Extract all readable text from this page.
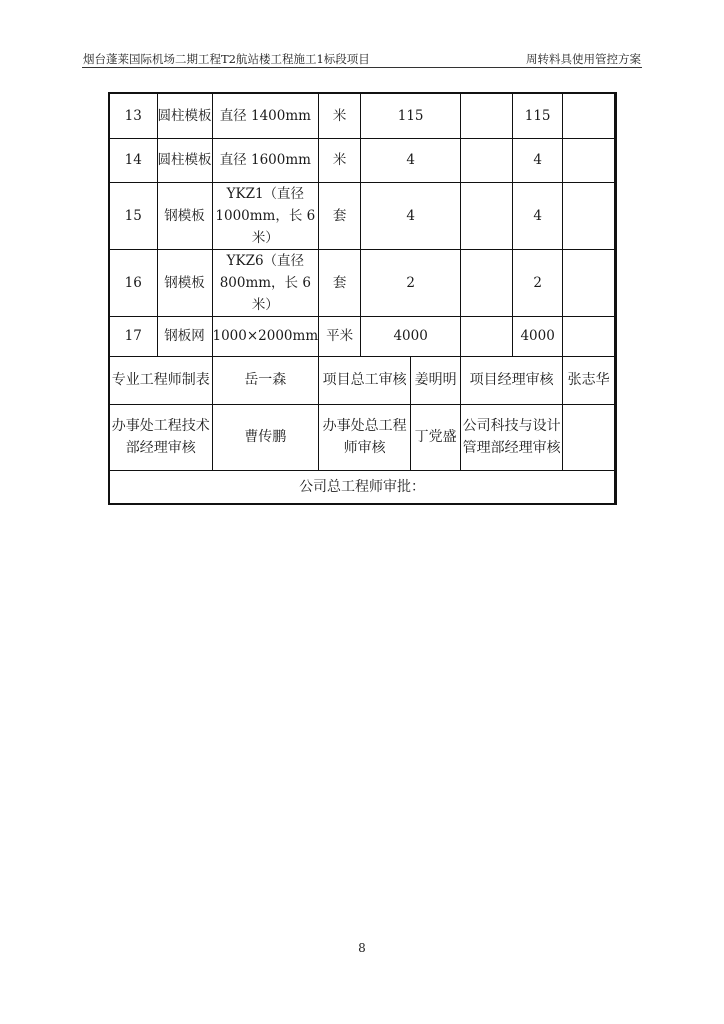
烟台蓬莱国际机场二期工程T2航站楼工程施工1标段项目	周转料具使用管控方案
13	圆柱模板	直径 1400mm	米	115			115		
14	圆柱模板	直径 1600mm	米	4			4		
15	钢模板	YKZ1（直径1000mm，长 6米）	套	4			4		
16	钢模板	YKZ6（直径800mm，长 6米）	套	2			2		
17	钢板网	1000×2000mm	平米	4000			4000		
专业工程师制表		岳一森	项目总工审核		姜明明	项目经理审核		张志华	
办事处工程技术部经理审核		曹传鹏	办事处总工程师审核		丁党盛	公司科技与设计管理部经理审核			
公司总工程师审批：									
8
